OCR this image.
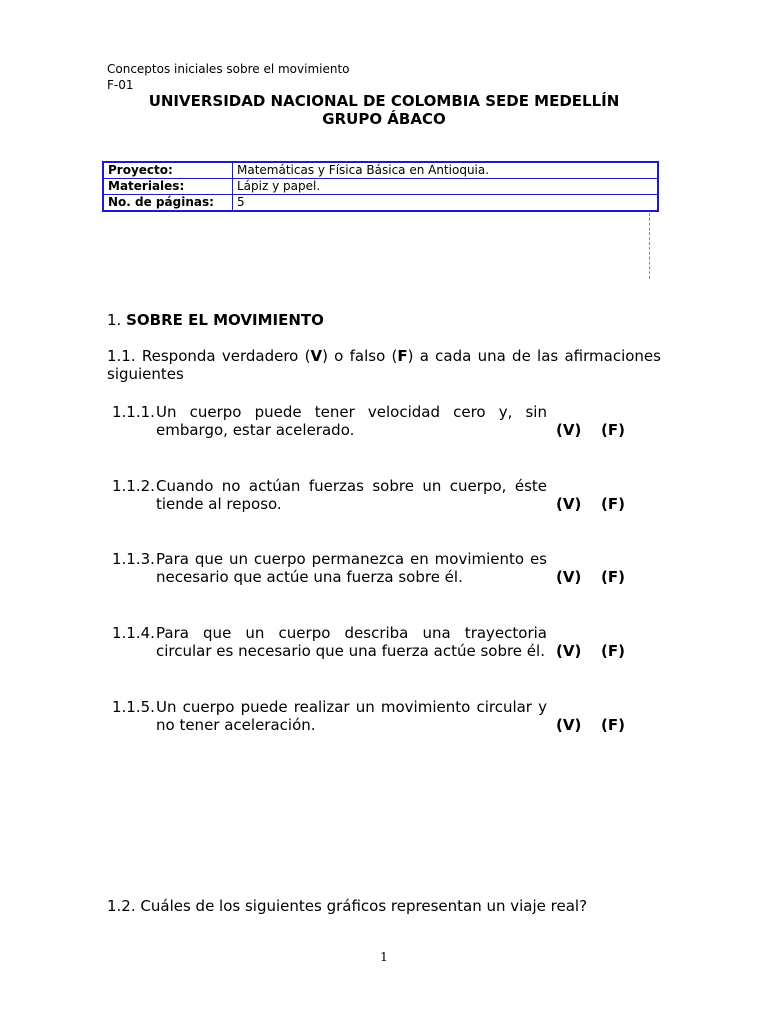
Conceptos iniciales sobre el movimiento
F-01
UNIVERSIDAD NACIONAL DE COLOMBIA SEDE MEDELLÍN
GRUPO ÁBACO
Proyecto:	Matemáticas y Física Básica en Antioquia.
Materiales:	Lápiz y papel.
No. de páginas:	5
1. SOBRE EL MOVIMIENTO
1.1. Responda verdadero (V) o falso (F) a cada una de las afirmaciones siguientes
1.1.1. Un cuerpo puede tener velocidad cero y, sin embargo, estar acelerado.	(V) (F)
1.1.2. Cuando no actúan fuerzas sobre un cuerpo, éste tiende al reposo.	(V) (F)
1.1.3. Para que un cuerpo permanezca en movimiento es necesario que actúe una fuerza sobre él.	(V) (F)
1.1.4. Para que un cuerpo describa una trayectoria circular es necesario que una fuerza actúe sobre él. (V) (F)
1.1.5. Un cuerpo puede realizar un movimiento circular y no tener aceleración.	(V) (F)
1.2. Cuáles de los siguientes gráficos representan un viaje real?
1
